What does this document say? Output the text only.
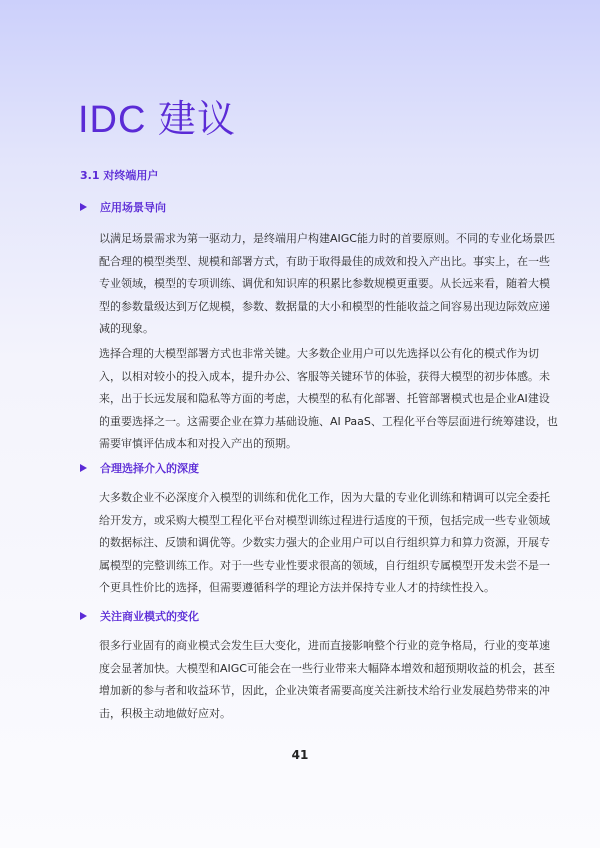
IDC 建议
3.1 对终端用户
应用场景导向

以满足场景需求为第一驱动力，是终端用户构建AIGC能力时的首要原则。不同的专业化场景匹
配合理的模型类型、规模和部署方式，有助于取得最佳的成效和投入产出比。事实上，在一些
专业领域，模型的专项训练、调优和知识库的积累比参数规模更重要。从长远来看，随着大模
型的参数量级达到万亿规模，参数、数据量的大小和模型的性能收益之间容易出现边际效应递
减的现象。

选择合理的大模型部署方式也非常关键。大多数企业用户可以先选择以公有化的模式作为切
入，以相对较小的投入成本，提升办公、客服等关键环节的体验，获得大模型的初步体感。未
来，出于长远发展和隐私等方面的考虑，大模型的私有化部署、托管部署模式也是企业AI建设
的重要选择之一。这需要企业在算力基础设施、AI PaaS、工程化平台等层面进行统筹建设，也
需要审慎评估成本和对投入产出的预期。

合理选择介入的深度

大多数企业不必深度介入模型的训练和优化工作，因为大量的专业化训练和精调可以完全委托
给开发方，或采购大模型工程化平台对模型训练过程进行适度的干预，包括完成一些专业领域
的数据标注、反馈和调优等。少数实力强大的企业用户可以自行组织算力和算力资源，开展专
属模型的完整训练工作。对于一些专业性要求很高的领域，自行组织专属模型开发未尝不是一
个更具性价比的选择，但需要遵循科学的理论方法并保持专业人才的持续性投入。

关注商业模式的变化

很多行业固有的商业模式会发生巨大变化，进而直接影响整个行业的竞争格局，行业的变革速
度会显著加快。大模型和AIGC可能会在一些行业带来大幅降本增效和超预期收益的机会，甚至
增加新的参与者和收益环节，因此，企业决策者需要高度关注新技术给行业发展趋势带来的冲
击，积极主动地做好应对。

41
